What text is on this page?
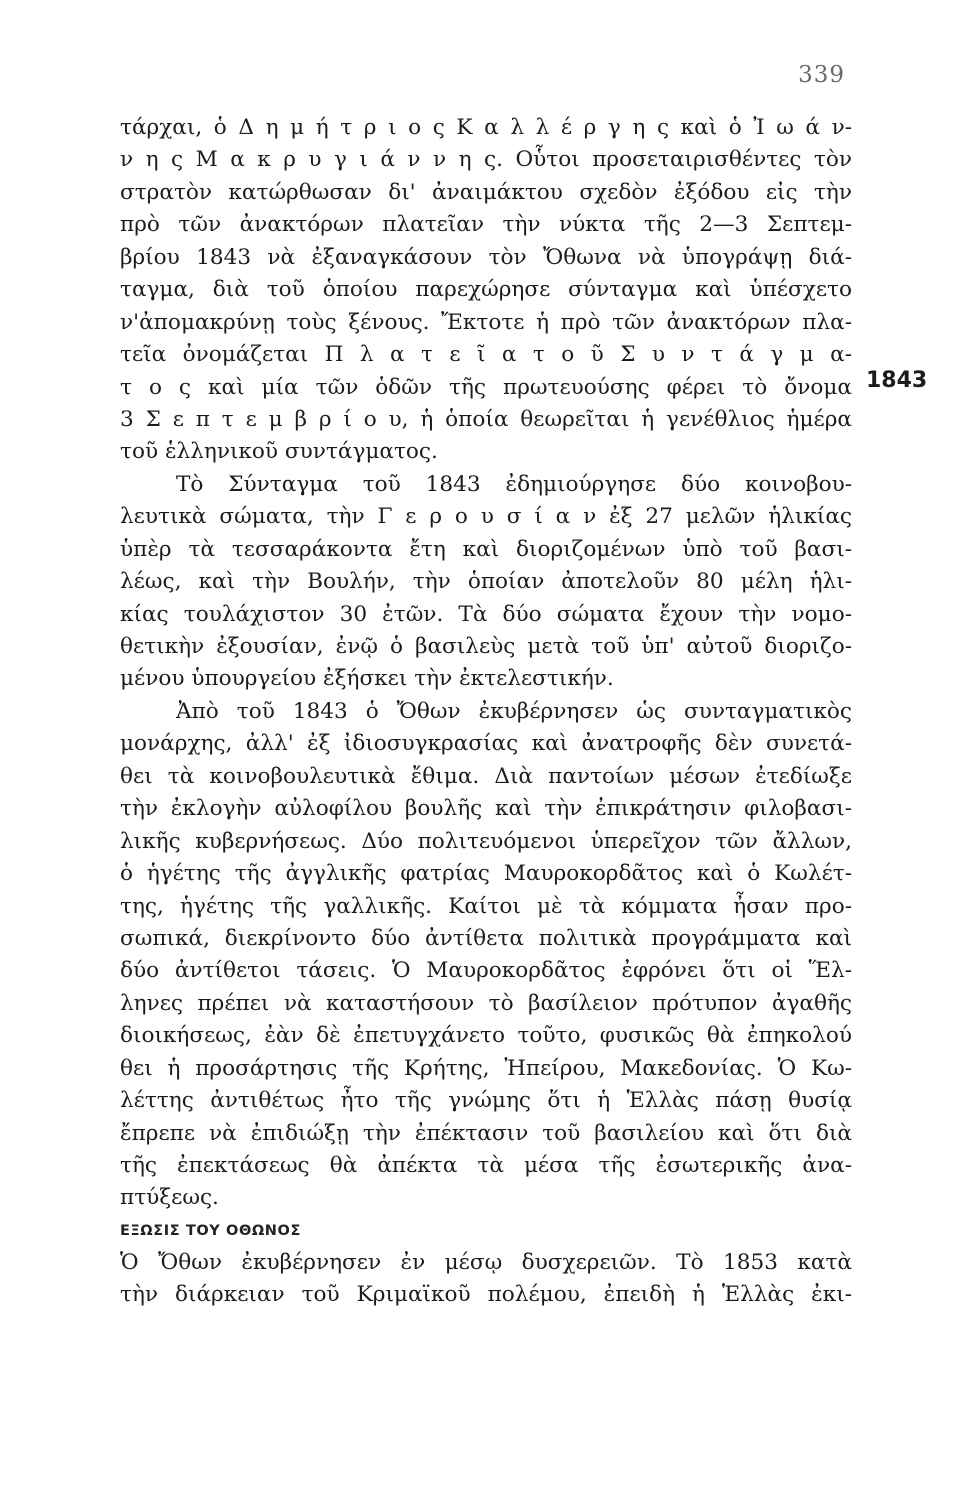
339
1843
τάρχαι, ὁ Δ η μ ή τ ρ ι ο ς Κ α λ λ έ ρ γ η ς καὶ ὁ Ἰ ω ά ν-
ν η ς Μ α κ ρ υ γ ι ά ν ν η ς. Οὗτοι προσεταιρισθέντες τὸν
στρατὸν κατώρθωσαν δι' ἀναιμάκτου σχεδὸν ἐξόδου εἰς τὴν
πρὸ τῶν ἀνακτόρων πλατεῖαν τὴν νύκτα τῆς 2—3 Σεπτεμ-
βρίου 1843 νὰ ἐξαναγκάσουν τὸν Ὄθωνα νὰ ὑπογράψῃ διά-
ταγμα, διὰ τοῦ ὁποίου παρεχώρησε σύνταγμα καὶ ὑπέσχετο
ν'ἀπομακρύνῃ τοὺς ξένους. Ἔκτοτε ἡ πρὸ τῶν ἀνακτόρων πλα-
τεῖα ὀνομάζεται Π λ α τ ε ῖ α τ ο ῦ Σ υ ν τ ά γ μ α-
τ ο ς καὶ μία τῶν ὁδῶν τῆς πρωτευούσης φέρει τὸ ὄνομα
3 Σ ε π τ ε μ β ρ ί ο υ, ἡ ὁποία θεωρεῖται ἡ γενέθλιος ἡμέρα
τοῦ ἑλληνικοῦ συντάγματος.
Τὸ Σύνταγμα τοῦ 1843 ἐδημιούργησε δύο κοινοβου-
λευτικὰ σώματα, τὴν Γ ε ρ ο υ σ ί α ν ἐξ 27 μελῶν ἡλικίας
ὑπὲρ τὰ τεσσαράκοντα ἔτη καὶ διοριζομένων ὑπὸ τοῦ βασι-
λέως, καὶ τὴν Βουλήν, τὴν ὁποίαν ἀποτελοῦν 80 μέλη ἡλι-
κίας τουλάχιστον 30 ἐτῶν. Τὰ δύο σώματα ἔχουν τὴν νομο-
θετικὴν ἐξουσίαν, ἐνῷ ὁ βασιλεὺς μετὰ τοῦ ὑπ' αὐτοῦ διοριζο-
μένου ὑπουργείου ἐξήσκει τὴν ἐκτελεστικήν.
Ἀπὸ τοῦ 1843 ὁ Ὄθων ἐκυβέρνησεν ὡς συνταγματικὸς
μονάρχης, ἀλλ' ἐξ ἰδιοσυγκρασίας καὶ ἀνατροφῆς δὲν συνετά-
θει τὰ κοινοβουλευτικὰ ἔθιμα. Διὰ παντοίων μέσων ἐτεδίωξε
τὴν ἐκλογὴν αὐλοφίλου βουλῆς καὶ τὴν ἐπικράτησιν φιλοβασι-
λικῆς κυβερνήσεως. Δύο πολιτευόμενοι ὑπερεῖχον τῶν ἄλλων,
ὁ ἡγέτης τῆς ἀγγλικῆς φατρίας Μαυροκορδᾶτος καὶ ὁ Κωλέτ-
της, ἡγέτης τῆς γαλλικῆς. Καίτοι μὲ τὰ κόμματα ἦσαν προ-
σωπικά, διεκρίνοντο δύο ἀντίθετα πολιτικὰ προγράμματα καὶ
δύο ἀντίθετοι τάσεις. Ὁ Μαυροκορδᾶτος ἐφρόνει ὅτι οἱ Ἕλ-
ληνες πρέπει νὰ καταστήσουν τὸ βασίλειον πρότυπον ἀγαθῆς
διοικήσεως, ἐὰν δὲ ἐπετυγχάνετο τοῦτο, φυσικῶς θὰ ἐπηκολού
θει ἡ προσάρτησις τῆς Κρήτης, Ἠπείρου, Μακεδονίας. Ὁ Κω-
λέττης ἀντιθέτως ἦτο τῆς γνώμης ὅτι ἡ Ἑλλὰς πάσῃ θυσίᾳ
ἔπρεπε νὰ ἐπιδιώξῃ τὴν ἐπέκτασιν τοῦ βασιλείου καὶ ὅτι διὰ
τῆς ἐπεκτάσεως θὰ ἀπέκτα τὰ μέσα τῆς ἐσωτερικῆς ἀνα-
πτύξεως.
ΕΞΩΣΙΣ ΤΟΥ ΟΘΩΝΟΣ
Ὁ Ὄθων ἐκυβέρνησεν ἐν μέσῳ δυσχερειῶν. Τὸ 1853 κατὰ
τὴν διάρκειαν τοῦ Κριμαϊκοῦ πολέμου, ἐπειδὴ ἡ Ἑλλὰς ἐκι-
